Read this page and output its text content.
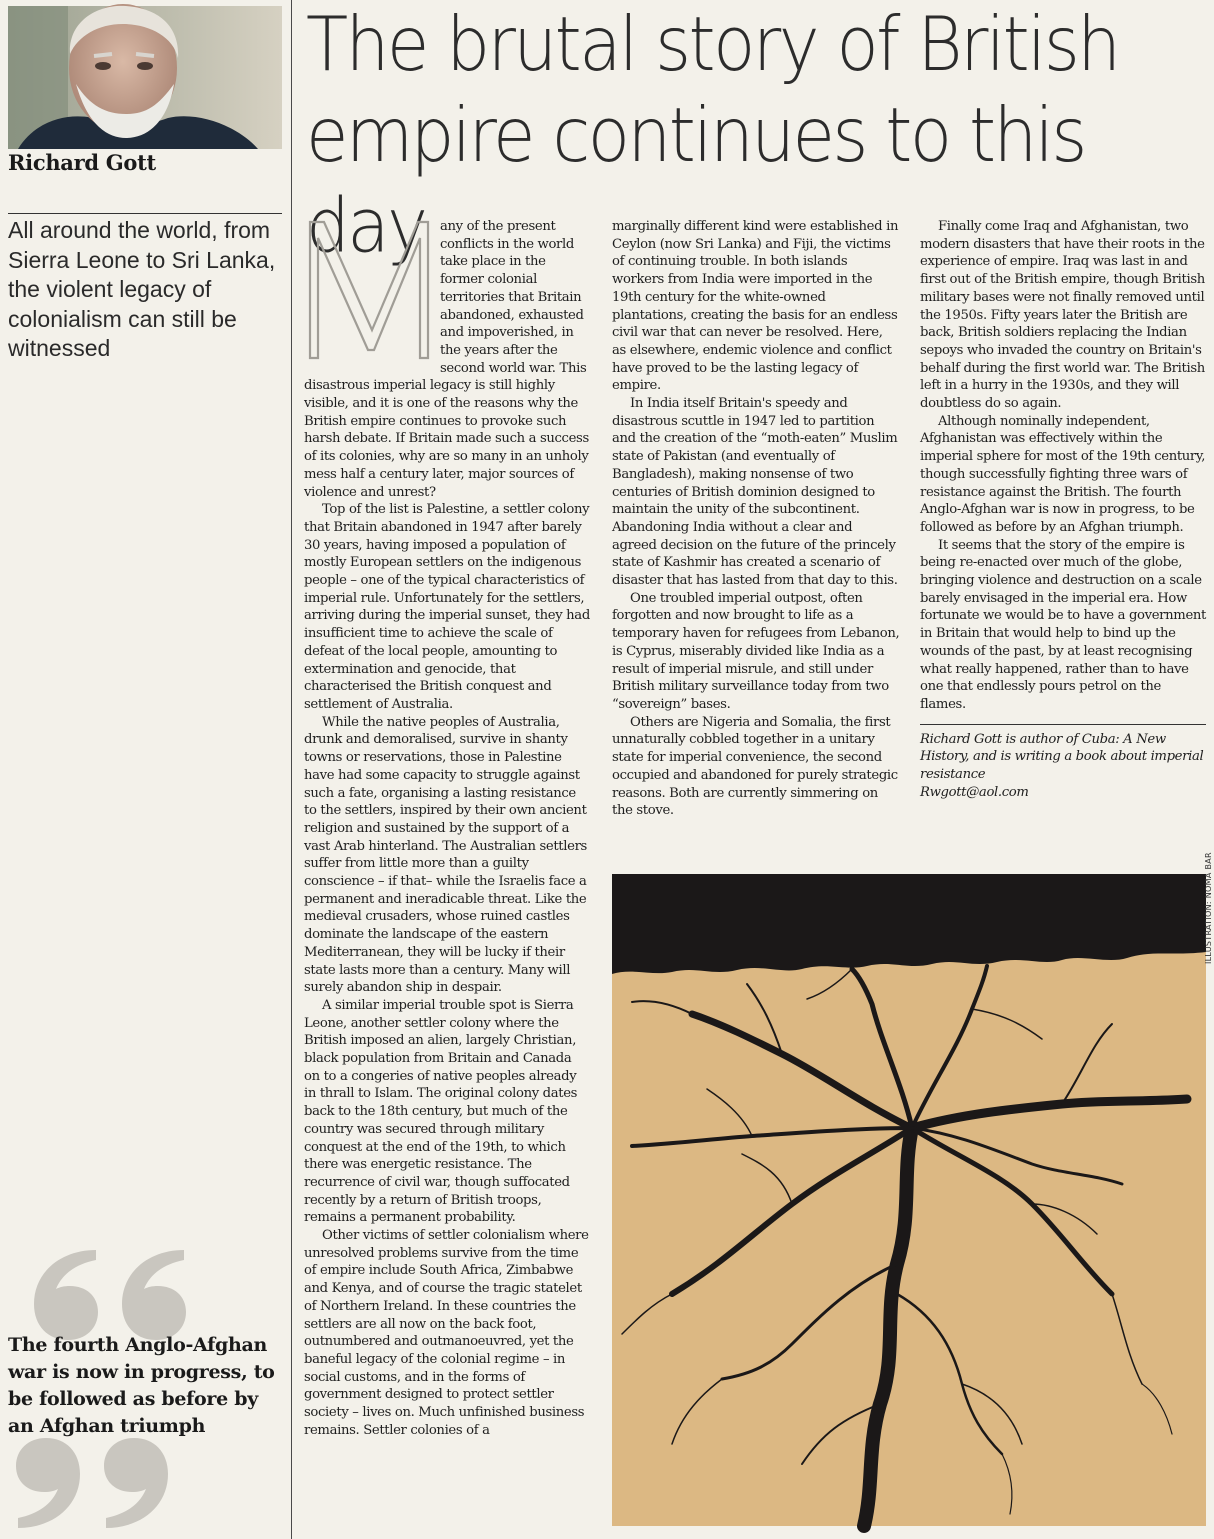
Richard Gott
All around the world, from Sierra Leone to Sri Lanka, the violent legacy of colonialism can still be witnessed
The fourth Anglo-Afghan war is now in progress, to be followed as before by an Afghan triumph
The brutal story of British
empire continues to this day	any of the present conflicts in the world take place in the former colonial territories that Britain abandoned, exhausted and impoverished, in the years after the second world war. This disastrous imperial legacy is still highly visible, and it is one of the reasons why the British empire continues to provoke such harsh debate. If Britain made such a success of its colonies, why are so many in an unholy mess half a century later, major sources of violence and unrest?

Top of the list is Palestine, a settler colony that Britain abandoned in 1947 after barely 30 years, having imposed a population of mostly European settlers on the indigenous people – one of the typical characteristics of imperial rule. Unfortunately for the settlers, arriving during the imperial sunset, they had insufficient time to achieve the scale of defeat of the local people, amounting to extermination and genocide, that characterised the British conquest and settlement of Australia.

While the native peoples of Australia, drunk and demoralised, survive in shanty towns or reservations, those in Palestine have had some capacity to struggle against such a fate, organising a lasting resistance to the settlers, inspired by their own ancient religion and sustained by the support of a vast Arab hinterland. The Australian settlers suffer from little more than a guilty conscience – if that– while the Israelis face a permanent and ineradicable threat. Like the medieval crusaders, whose ruined castles dominate the landscape of the eastern Mediterranean, they will be lucky if their state lasts more than a century. Many will surely abandon ship in despair.

A similar imperial trouble spot is Sierra Leone, another settler colony where the British imposed an alien, largely Christian, black population from Britain and Canada on to a congeries of native peoples already in thrall to Islam. The original colony dates back to the 18th century, but much of the country was secured through military conquest at the end of the 19th, to which there was energetic resistance. The recurrence of civil war, though suffocated recently by a return of British troops, remains a permanent probability.

Other victims of settler colonialism where unresolved problems survive from the time of empire include South Africa, Zimbabwe and Kenya, and of course the tragic statelet of Northern Ireland. In these countries the settlers are all now on the back foot, outnumbered and outmanoeuvred, yet the baneful legacy of the colonial regime – in social customs, and in the forms of government designed to protect settler society – lives on. Much unfinished business remains. Settler colonies of a

marginally different kind were established in Ceylon (now Sri Lanka) and Fiji, the victims of continuing trouble. In both islands workers from India were imported in the 19th century for the white-owned plantations, creating the basis for an endless civil war that can never be resolved. Here, as elsewhere, endemic violence and conflict have proved to be the lasting legacy of empire.

In India itself Britain's speedy and disastrous scuttle in 1947 led to partition and the creation of the “moth-eaten” Muslim state of Pakistan (and eventually of Bangladesh), making nonsense of two centuries of British dominion designed to maintain the unity of the subcontinent. Abandoning India without a clear and agreed decision on the future of the princely state of Kashmir has created a scenario of disaster that has lasted from that day to this.

One troubled imperial outpost, often forgotten and now brought to life as a temporary haven for refugees from Lebanon, is Cyprus, miserably divided like India as a result of imperial misrule, and still under British military surveillance today from two “sovereign” bases.

Others are Nigeria and Somalia, the first unnaturally cobbled together in a unitary state for imperial convenience, the second occupied and abandoned for purely strategic reasons. Both are currently simmering on the stove.

Finally come Iraq and Afghanistan, two modern disasters that have their roots in the experience of empire. Iraq was last in and first out of the British empire, though British military bases were not finally removed until the 1950s. Fifty years later the British are back, British soldiers replacing the Indian sepoys who invaded the country on Britain's behalf during the first world war. The British left in a hurry in the 1930s, and they will doubtless do so again.

Although nominally independent, Afghanistan was effectively within the imperial sphere for most of the 19th century, though successfully fighting three wars of resistance against the British. The fourth Anglo-Afghan war is now in progress, to be followed as before by an Afghan triumph.

It seems that the story of the empire is being re-enacted over much of the globe, bringing violence and destruction on a scale barely envisaged in the imperial era. How fortunate we would be to have a government in Britain that would help to bind up the wounds of the past, by at least recognising what really happened, rather than to have one that endlessly pours petrol on the flames.

Richard Gott is author of Cuba: A New History, and is writing a book about imperial resistance

Rwgott@aol.com

ILLUSTRATION: NOMA BAR
